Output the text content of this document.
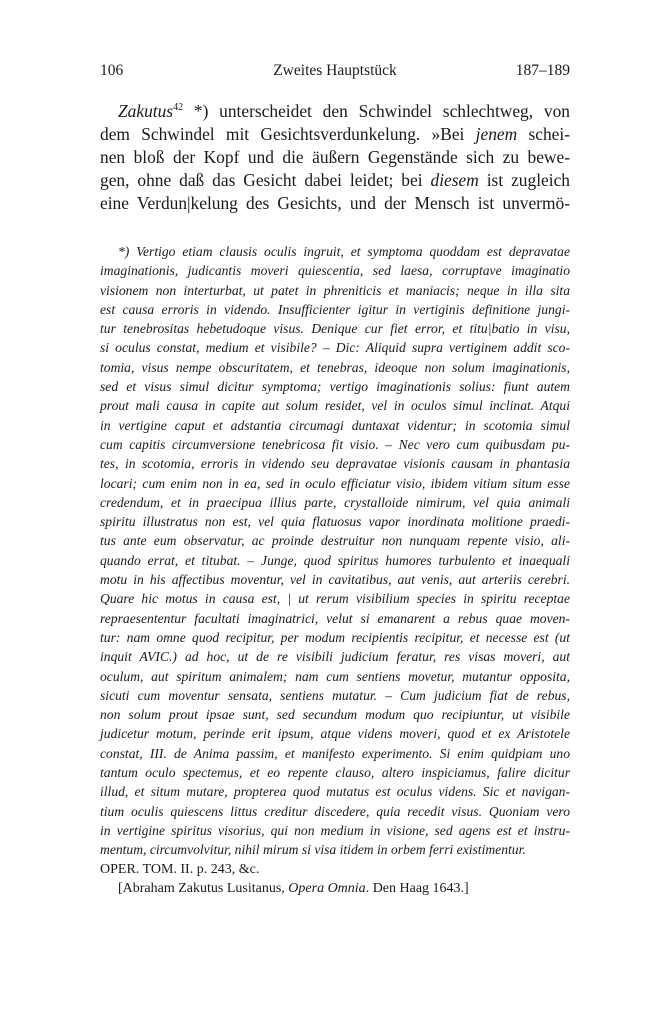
106	Zweites Hauptstück	187–189
Zakutus$^{42}$ *) unterscheidet den Schwindel schlechtweg, von
dem Schwindel mit Gesichtsverdunkelung. »Bei jenem schei-
nen bloß der Kopf und die äußern Gegenstände sich zu bewe-
gen, ohne daß das Gesicht dabei leidet; bei diesem ist zugleich
eine Verdun|kelung des Gesichts, und der Mensch ist unvermö-
*) Vertigo etiam clausis oculis ingruit, et symptoma quoddam est depravatae
imaginationis, judicantis moveri quiescentia, sed laesa, corruptave imaginatio
visionem non interturbat, ut patet in phreniticis et maniacis; neque in illa sita
est causa erroris in videndo. Insufficienter igitur in vertiginis definitione jungi-
tur tenebrositas hebetudoque visus. Denique cur fiet error, et titu|batio in visu,
si oculus constat, medium et visibile? – Dic: Aliquid supra vertiginem addit sco-
tomia, visus nempe obscuritatem, et tenebras, ideoque non solum imaginationis,
sed et visus simul dicitur symptoma; vertigo imaginationis solius: fiunt autem
prout mali causa in capite aut solum residet, vel in oculos simul inclinat. Atqui
in vertigine caput et adstantia circumagi duntaxat videntur; in scotomia simul
cum capitis circumversione tenebricosa fit visio. – Nec vero cum quibusdam pu-
tes, in scotomia, erroris in videndo seu depravatae visionis causam in phantasia
locari; cum enim non in ea, sed in oculo efficiatur visio, ibidem vitium situm esse
credendum, et in praecipua illius parte, crystalloide nimirum, vel quia animali
spiritu illustratus non est, vel quia flatuosus vapor inordinata molitione praedi-
tus ante eum observatur, ac proinde destruitur non nunquam repente visio, ali-
quando errat, et titubat. – Junge, quod spiritus humores turbulento et inaequali
motu in his affectibus moventur, vel in cavitatibus, aut venis, aut arteriis cerebri.
Quare hic motus in causa est, | ut rerum visibilium species in spiritu receptae
repraesententur facultati imaginatrici, velut si emanarent a rebus quae moven-
tur: nam omne quod recipitur, per modum recipientis recipitur, et necesse est (ut
inquit AVIC.) ad hoc, ut de re visibili judicium feratur, res visas moveri, aut
oculum, aut spiritum animalem; nam cum sentiens movetur, mutantur opposita,
sicuti cum moventur sensata, sentiens mutatur. – Cum judicium fiat de rebus,
non solum prout ipsae sunt, sed secundum modum quo recipiuntur, ut visibile
judicetur motum, perinde erit ipsum, atque videns moveri, quod et ex Aristotele
constat, III. de Anima passim, et manifesto experimento. Si enim quidpiam uno
tantum oculo spectemus, et eo repente clauso, altero inspiciamus, falire dicitur
illud, et situm mutare, propterea quod mutatus est oculus videns. Sic et navigan-
tium oculis quiescens littus creditur discedere, quia recedit visus. Quoniam vero
in vertigine spiritus visorius, qui non medium in visione, sed agens est et instru-
mentum, circumvolvitur, nihil mirum si visa itidem in orbem ferri existimentur.
OPER. TOM. II. p. 243, &c.
[Abraham Zakutus Lusitanus, Opera Omnia. Den Haag 1643.]
